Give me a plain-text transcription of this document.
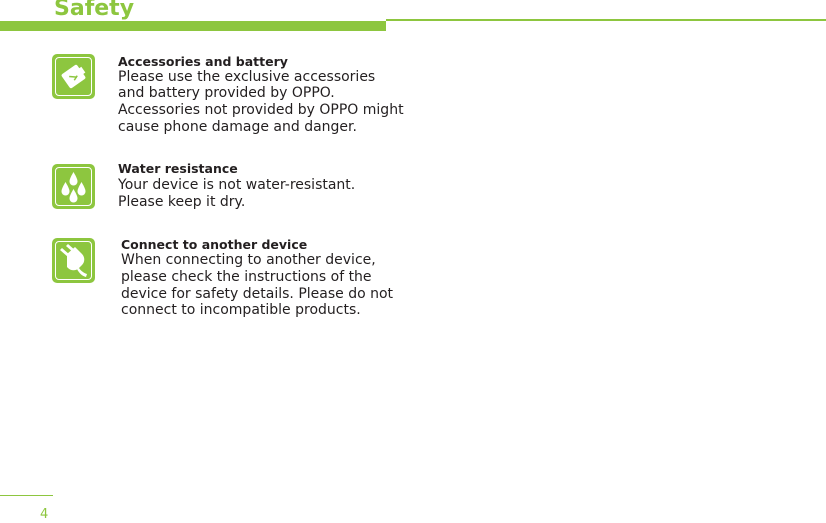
Safety
Accessories and battery
Please use the exclusive accessories
and battery provided by OPPO.
Accessories not provided by OPPO might
cause phone damage and danger.
Water resistance
Your device is not water-resistant.
Please keep it dry.
Connect to another device
When connecting to another device,
please check the instructions of the
device for safety details. Please do not
connect to incompatible products.
4
